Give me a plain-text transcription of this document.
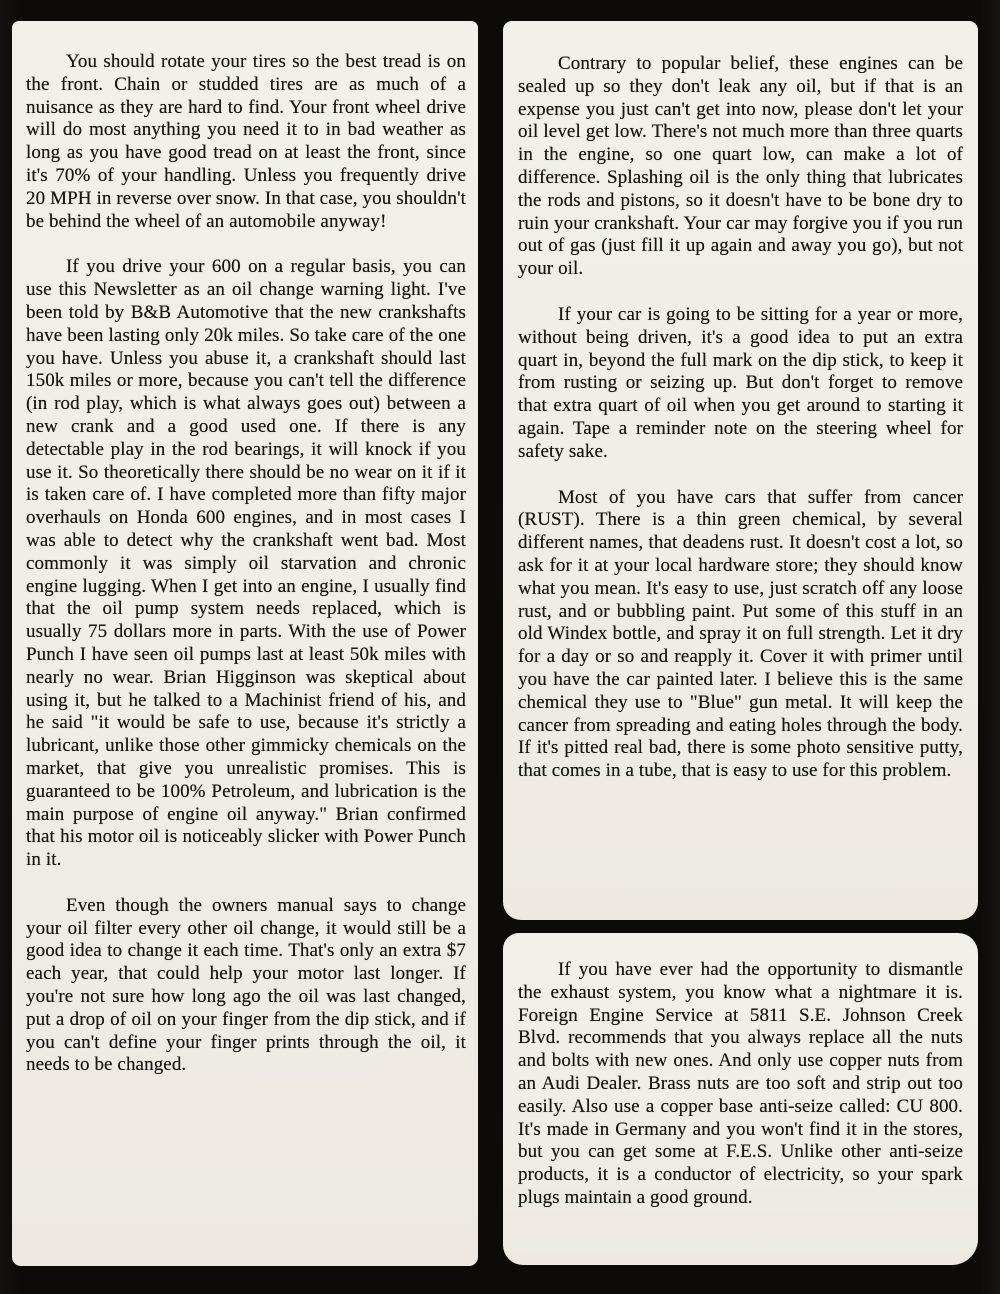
You should rotate your tires so the best tread is on the front. Chain or studded tires are as much of a nuisance as they are hard to find. Your front wheel drive will do most anything you need it to in bad weather as long as you have good tread on at least the front, since it's 70% of your handling. Unless you frequently drive 20 MPH in reverse over snow. In that case, you shouldn't be behind the wheel of an automobile anyway!

If you drive your 600 on a regular basis, you can use this Newsletter as an oil change warning light. I've been told by B&B Automotive that the new crankshafts have been lasting only 20k miles. So take care of the one you have. Unless you abuse it, a crankshaft should last 150k miles or more, because you can't tell the difference (in rod play, which is what always goes out) between a new crank and a good used one. If there is any detectable play in the rod bearings, it will knock if you use it. So theoretically there should be no wear on it if it is taken care of. I have completed more than fifty major overhauls on Honda 600 engines, and in most cases I was able to detect why the crankshaft went bad. Most commonly it was simply oil starvation and chronic engine lugging. When I get into an engine, I usually find that the oil pump system needs replaced, which is usually 75 dollars more in parts. With the use of Power Punch I have seen oil pumps last at least 50k miles with nearly no wear. Brian Higginson was skeptical about using it, but he talked to a Machinist friend of his, and he said "it would be safe to use, because it's strictly a lubricant, unlike those other gimmicky chemicals on the market, that give you unrealistic promises. This is guaranteed to be 100% Petroleum, and lubrication is the main purpose of engine oil anyway." Brian confirmed that his motor oil is noticeably slicker with Power Punch in it.

Even though the owners manual says to change your oil filter every other oil change, it would still be a good idea to change it each time. That's only an extra $7 each year, that could help your motor last longer. If you're not sure how long ago the oil was last changed, put a drop of oil on your finger from the dip stick, and if you can't define your finger prints through the oil, it needs to be changed.

Contrary to popular belief, these engines can be sealed up so they don't leak any oil, but if that is an expense you just can't get into now, please don't let your oil level get low. There's not much more than three quarts in the engine, so one quart low, can make a lot of difference. Splashing oil is the only thing that lubricates the rods and pistons, so it doesn't have to be bone dry to ruin your crankshaft. Your car may forgive you if you run out of gas (just fill it up again and away you go), but not your oil.

If your car is going to be sitting for a year or more, without being driven, it's a good idea to put an extra quart in, beyond the full mark on the dip stick, to keep it from rusting or seizing up. But don't forget to remove that extra quart of oil when you get around to starting it again. Tape a reminder note on the steering wheel for safety sake.

Most of you have cars that suffer from cancer (RUST). There is a thin green chemical, by several different names, that deadens rust. It doesn't cost a lot, so ask for it at your local hardware store; they should know what you mean. It's easy to use, just scratch off any loose rust, and or bubbling paint. Put some of this stuff in an old Windex bottle, and spray it on full strength. Let it dry for a day or so and reapply it. Cover it with primer until you have the car painted later. I believe this is the same chemical they use to "Blue" gun metal. It will keep the cancer from spreading and eating holes through the body. If it's pitted real bad, there is some photo sensitive putty, that comes in a tube, that is easy to use for this problem.

If you have ever had the opportunity to dismantle the exhaust system, you know what a nightmare it is. Foreign Engine Service at 5811 S.E. Johnson Creek Blvd. recommends that you always replace all the nuts and bolts with new ones. And only use copper nuts from an Audi Dealer. Brass nuts are too soft and strip out too easily. Also use a copper base anti-seize called: CU 800. It's made in Germany and you won't find it in the stores, but you can get some at F.E.S. Unlike other anti-seize products, it is a conductor of electricity, so your spark plugs maintain a good ground.
